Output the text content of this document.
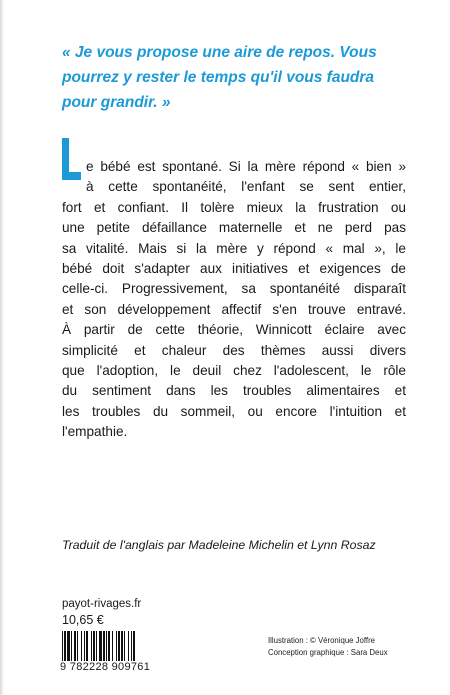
« Je vous propose une aire de repos. Vous
pourrez y rester le temps qu'il vous faudra
pour grandir. »
e bébé est spontané. Si la mère répond « bien »
à cette spontanéité, l'enfant se sent entier,
fort et confiant. Il tolère mieux la frustration ou
une petite défaillance maternelle et ne perd pas
sa vitalité. Mais si la mère y répond « mal », le
bébé doit s'adapter aux initiatives et exigences de
celle-ci. Progressivement, sa spontanéité disparaît
et son développement affectif s'en trouve entravé.
À partir de cette théorie, Winnicott éclaire avec
simplicité et chaleur des thèmes aussi divers
que l'adoption, le deuil chez l'adolescent, le rôle
du sentiment dans les troubles alimentaires et
les troubles du sommeil, ou encore l'intuition et
l'empathie.
Traduit de l'anglais par Madeleine Michelin et Lynn Rosaz
payot-rivages.fr
10,65 €
9 782228 909761
Illustration : © Véronique Joffre
Conception graphique : Sara Deux
